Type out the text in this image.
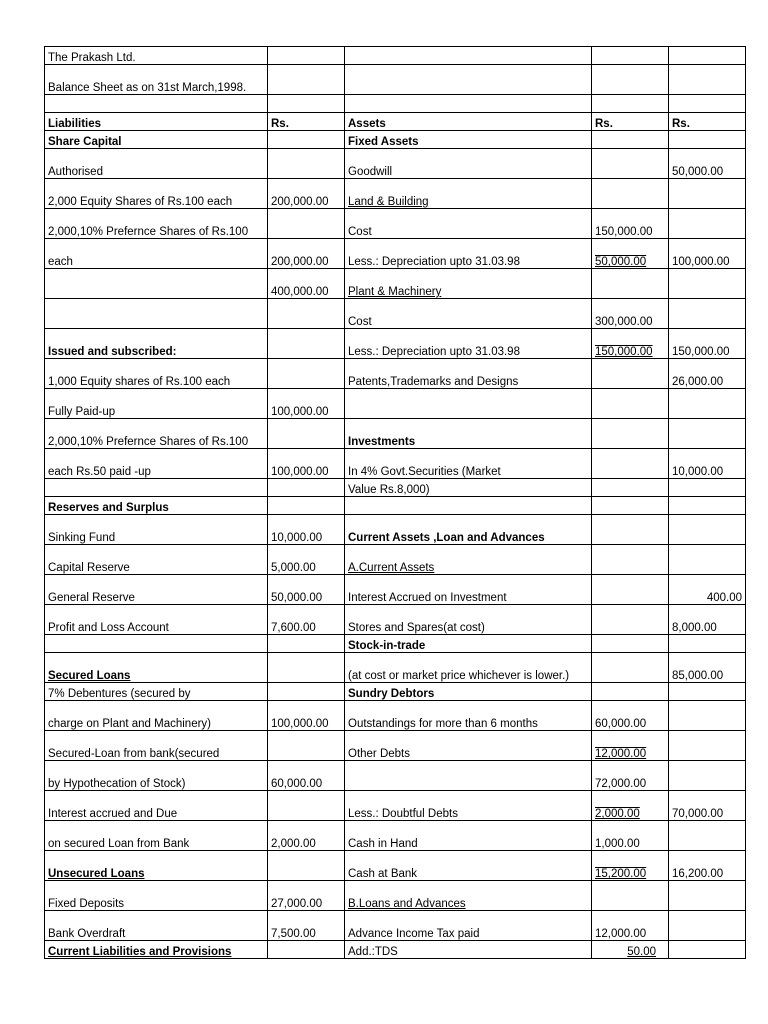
The Prakash Ltd.				
Balance Sheet as on 31st March,1998.				

Liabilities	Rs.	Assets	Rs.	Rs.
Share Capital		Fixed Assets		
Authorised		Goodwill		50,000.00
2,000 Equity Shares of Rs.100 each	200,000.00	Land & Building		
2,000,10% Prefernce Shares of Rs.100		Cost	150,000.00	
each	200,000.00	Less.: Depreciation upto 31.03.98	50,000.00	100,000.00
	400,000.00	Plant & Machinery		
		Cost	300,000.00	
Issued and subscribed:		Less.: Depreciation upto 31.03.98	150,000.00	150,000.00
1,000 Equity shares of Rs.100 each		Patents,Trademarks and Designs		26,000.00
Fully Paid-up	100,000.00			
2,000,10% Prefernce Shares of Rs.100		Investments		
each Rs.50 paid -up	100,000.00	In 4% Govt.Securities (Market		10,000.00
		Value Rs.8,000)		
Reserves and Surplus				
Sinking Fund	10,000.00	Current Assets ,Loan and Advances		
Capital Reserve	5,000.00	A.Current Assets		
General Reserve	50,000.00	Interest Accrued on Investment		400.00
Profit and Loss Account	7,600.00	Stores and Spares(at cost)		8,000.00
		Stock-in-trade		
Secured Loans		(at cost or market price whichever is lower.)		85,000.00
7% Debentures (secured by		Sundry Debtors		
charge on Plant and Machinery)	100,000.00	Outstandings for more than 6 months	60,000.00	
Secured-Loan from bank(secured		Other Debts	12,000.00	
by Hypothecation of Stock)	60,000.00		72,000.00	
Interest accrued and Due		Less.: Doubtful Debts	2,000.00	70,000.00
on secured Loan from Bank	2,000.00	Cash in Hand	1,000.00	
Unsecured Loans		Cash at Bank	15,200.00	16,200.00
Fixed Deposits	27,000.00	B.Loans and Advances		
Bank Overdraft	7,500.00	Advance Income Tax paid	12,000.00	
Current Liabilities and Provisions		Add.:TDS	50.00	
